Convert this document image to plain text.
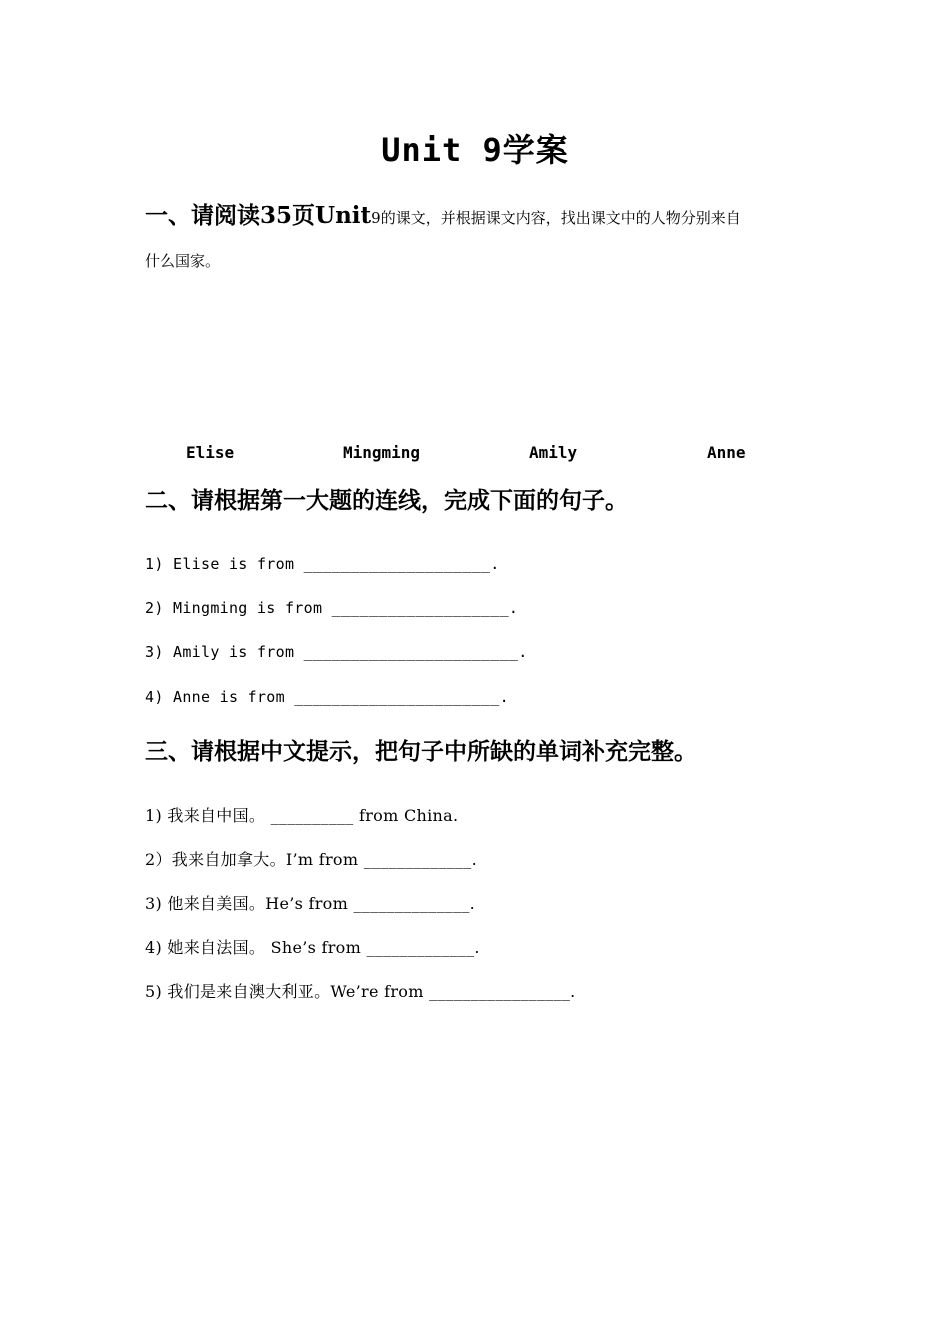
Unit 9学案
一、请阅读35页Unit9的课文，并根据课文内容，找出课文中的人物分别来自
什么国家。
Elise	Mingming	Amily	Anne
二、请根据第一大题的连线，完成下面的句子。
1) Elise is from ____________________.
2) Mingming is from ___________________.
3) Amily is from _______________________.
4) Anne is from ______________________.
三、请根据中文提示，把句子中所缺的单词补充完整。
1) 我来自中国。 __________ from China.
2）我来自加拿大。I’m from _____________.
3) 他来自美国。He’s from ______________.
4) 她来自法国。 She’s from _____________.
5) 我们是来自澳大利亚。We’re from _________________.
